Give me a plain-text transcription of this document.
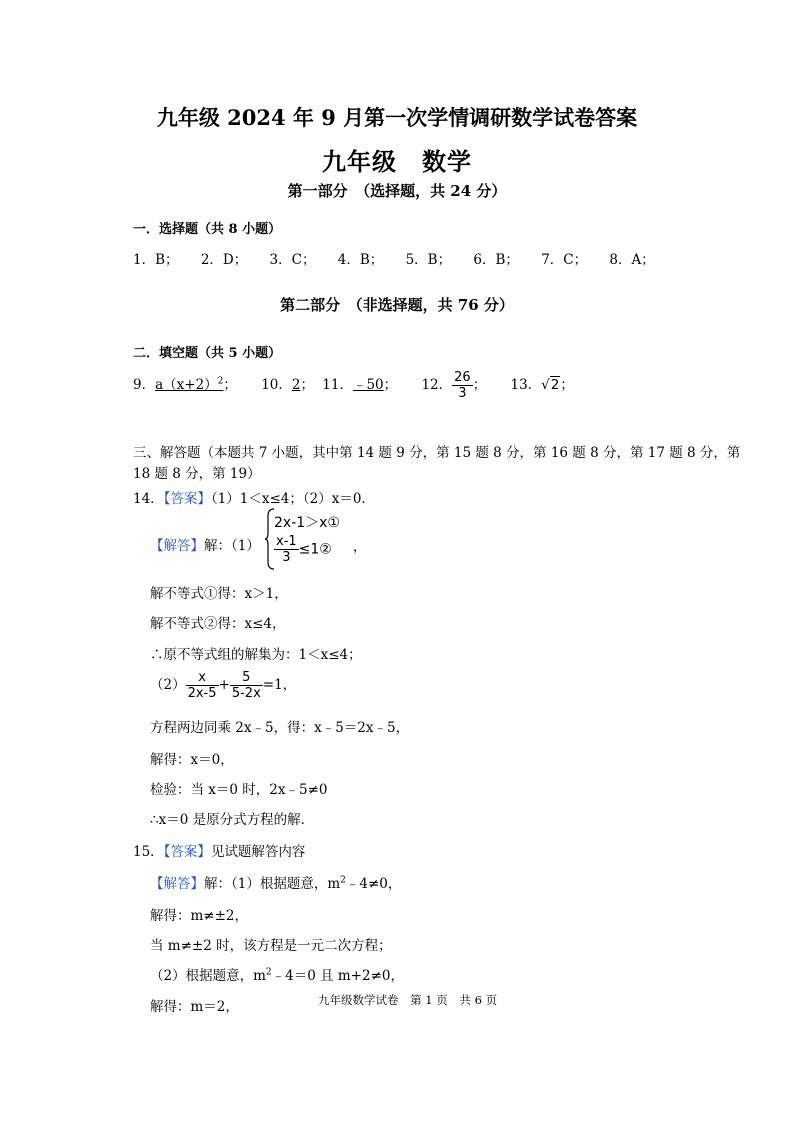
九年级 2024 年 9 月第一次学情调研数学试卷答案
九年级　数学
第一部分　（选择题，共 24 分）
一．选择题（共 8 小题）
1．B； 2．D； 3．C； 4．B； 5．B； 6．B； 7．C； 8．A；
第二部分　（非选择题，共 76 分）
二．填空题（共 5 小题）
9．$a(x+2)^2$； 10．2； 11．﹣50； 12． $\frac{26}{3}$ ； 13．√2；
三、解答题（本题共 7 小题，其中第 14 题 9 分，第 15 题 8 分，第 16 题 8 分，第 17 题 8 分，第
18 题 8 分，第 19）
14．【答案】（1）1＜x≤4；（2）x＝0．
【解答】解：（1）
2x-1＞x①
$\frac{x-1}{3}$ ≤1② ，
解不等式①得：x＞1，
解不等式②得：x≤4，
∴原不等式组的解集为：1＜x≤4；
$(2) \frac{x}{2x-5} + \frac{5}{5-2x} =1$，
方程两边同乘 2x﹣5，得：x﹣5＝2x﹣5，
解得：x＝0，
检验：当 x＝0 时，2x﹣5≠0
∴x＝0 是原分式方程的解．
15．【答案】见试题解答内容
【解答】解：（1）根据题意，$m^2﹣4\ne 0$，
解得：m≠±2，
当 m≠±2 时，该方程是一元二次方程；
（2）根据题意，$m^2﹣4=0$ 且 m+2≠0，
解得：m＝2，	九年级数学试卷 第 1 页 共 6 页
